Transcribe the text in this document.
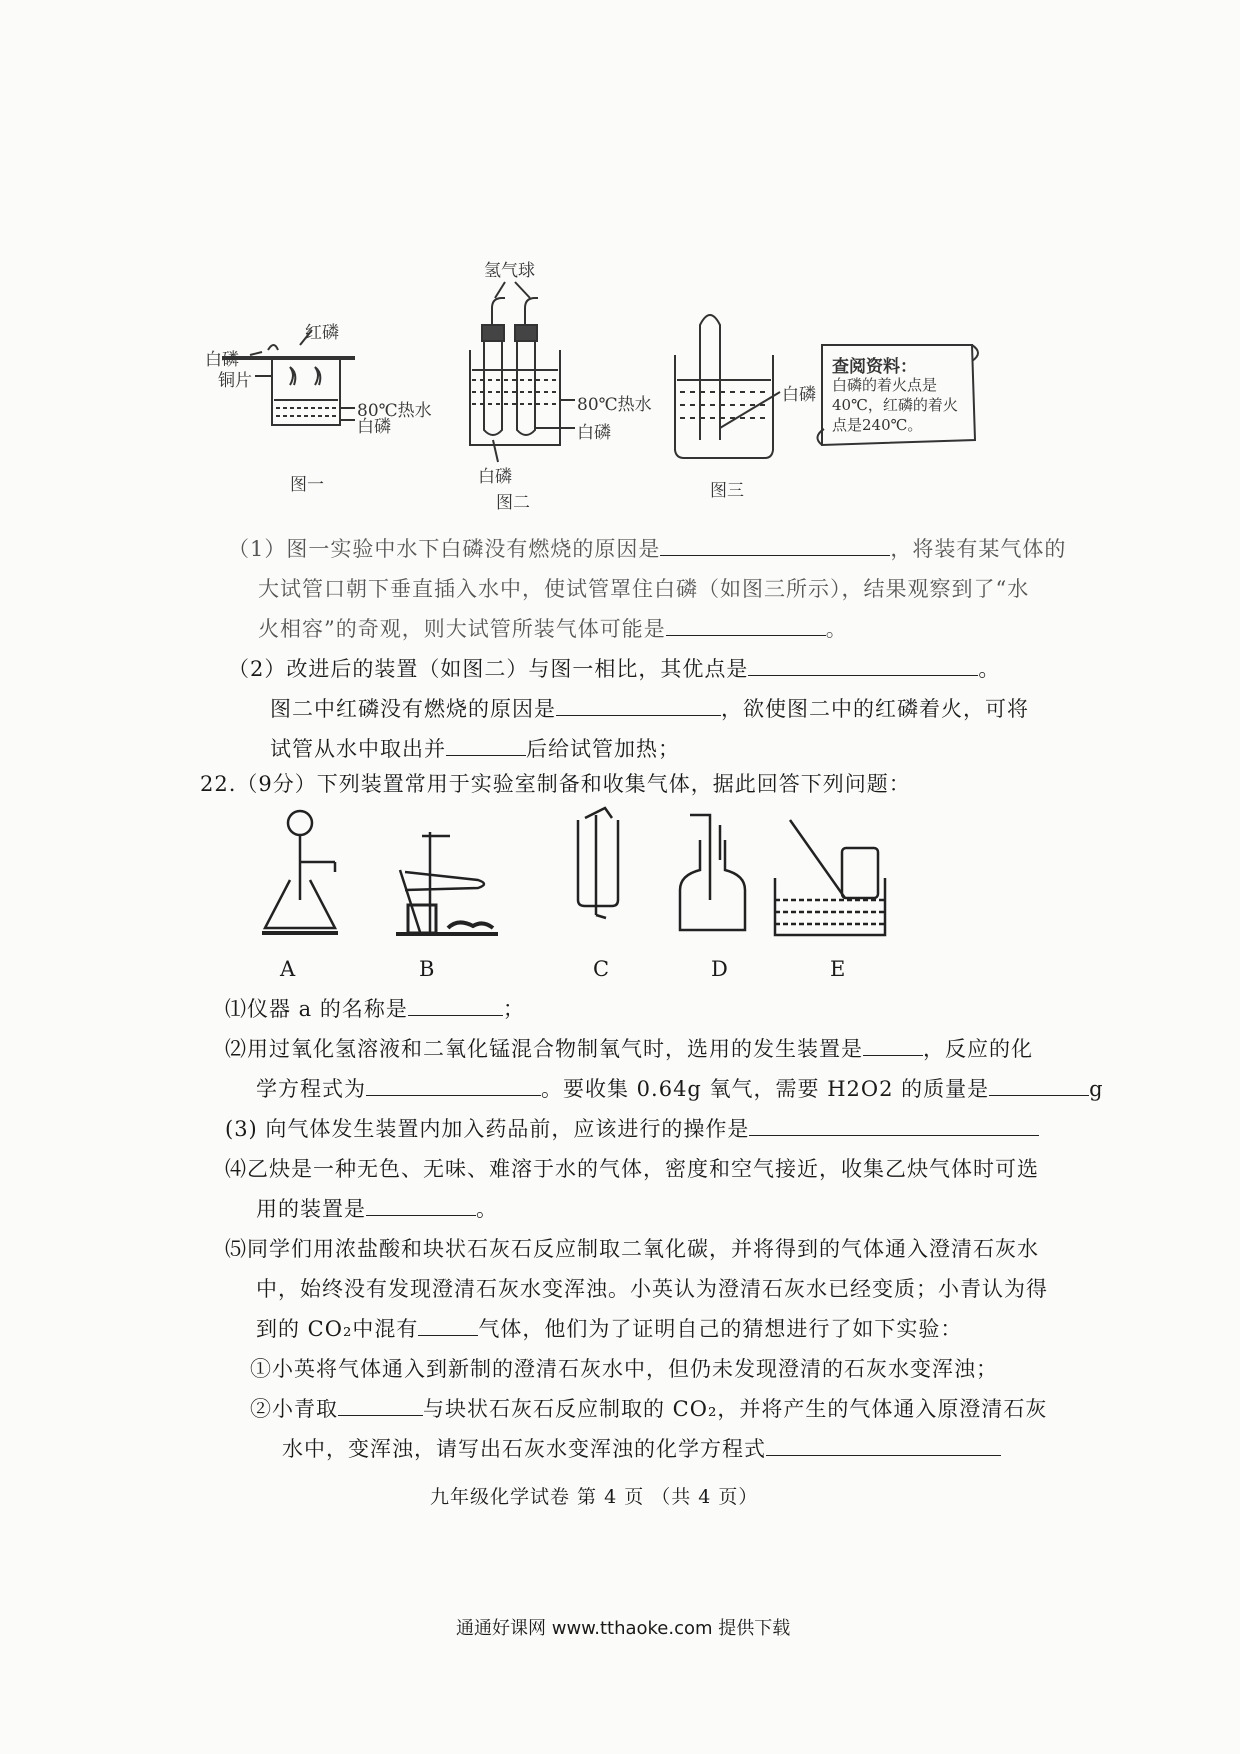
红磷
白磷
铜片
80℃热水
白磷
图一
氢气球
80℃热水
白磷
白磷
图二
白磷
图三
查阅资料：
白磷的着火点是
40℃，红磷的着火
点是240℃。
（1）图一实验中水下白磷没有燃烧的原因是	，将装有某气体的
大试管口朝下垂直插入水中，使试管罩住白磷（如图三所示），结果观察到了“水
火相容”的奇观，则大试管所装气体可能是	。
（2）改进后的装置（如图二）与图一相比，其优点是	。
图二中红磷没有燃烧的原因是	，欲使图二中的红磷着火，可将
试管从水中取出并	后给试管加热；
22.（9分）下列装置常用于实验室制备和收集气体，据此回答下列问题：
A	B	C	D	E
⑴仪器 a 的名称是	；
⑵用过氧化氢溶液和二氧化锰混合物制氧气时，选用的发生装置是	，反应的化
学方程式为	。要收集 0.64g 氧气，需要 H2O2 的质量是	g
(3) 向气体发生装置内加入药品前，应该进行的操作是
⑷乙炔是一种无色、无味、难溶于水的气体，密度和空气接近，收集乙炔气体时可选
用的装置是	。
⑸同学们用浓盐酸和块状石灰石反应制取二氧化碳，并将得到的气体通入澄清石灰水
中，始终没有发现澄清石灰水变浑浊。小英认为澄清石灰水已经变质；小青认为得
到的 CO₂中混有	气体，他们为了证明自己的猜想进行了如下实验：
①小英将气体通入到新制的澄清石灰水中，但仍未发现澄清的石灰水变浑浊；
②小青取	与块状石灰石反应制取的 CO₂，并将产生的气体通入原澄清石灰
水中，变浑浊，请写出石灰水变浑浊的化学方程式
九年级化学试卷 第 4 页 （共 4 页）
通通好课网 www.tthaoke.com 提供下载
